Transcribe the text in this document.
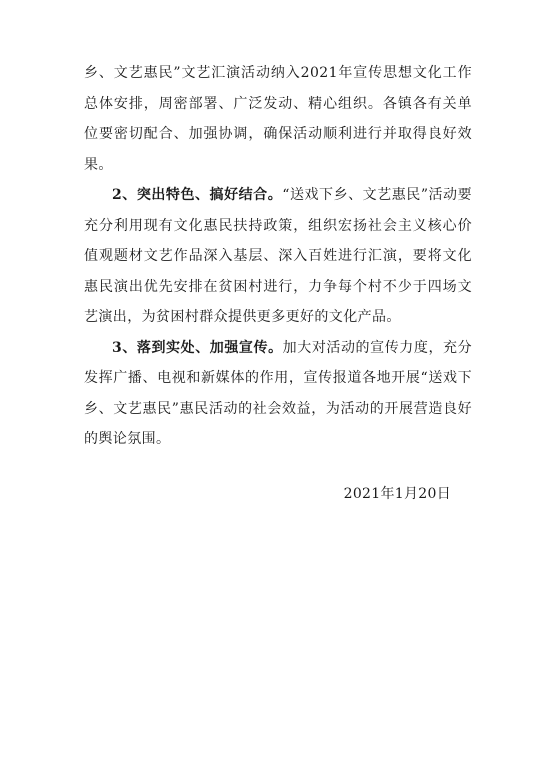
乡、文艺惠民”文艺汇演活动纳入2021年宣传思想文化工作总体安排，周密部署、广泛发动、精心组织。各镇各有关单位要密切配合、加强协调，确保活动顺利进行并取得良好效果。

2、突出特色、搞好结合。“送戏下乡、文艺惠民”活动要充分利用现有文化惠民扶持政策，组织宏扬社会主义核心价值观题材文艺作品深入基层、深入百姓进行汇演，要将文化惠民演出优先安排在贫困村进行，力争每个村不少于四场文艺演出，为贫困村群众提供更多更好的文化产品。

3、落到实处、加强宣传。加大对活动的宣传力度，充分发挥广播、电视和新媒体的作用，宣传报道各地开展“送戏下乡、文艺惠民”惠民活动的社会效益，为活动的开展营造良好的舆论氛围。

2021年1月20日
